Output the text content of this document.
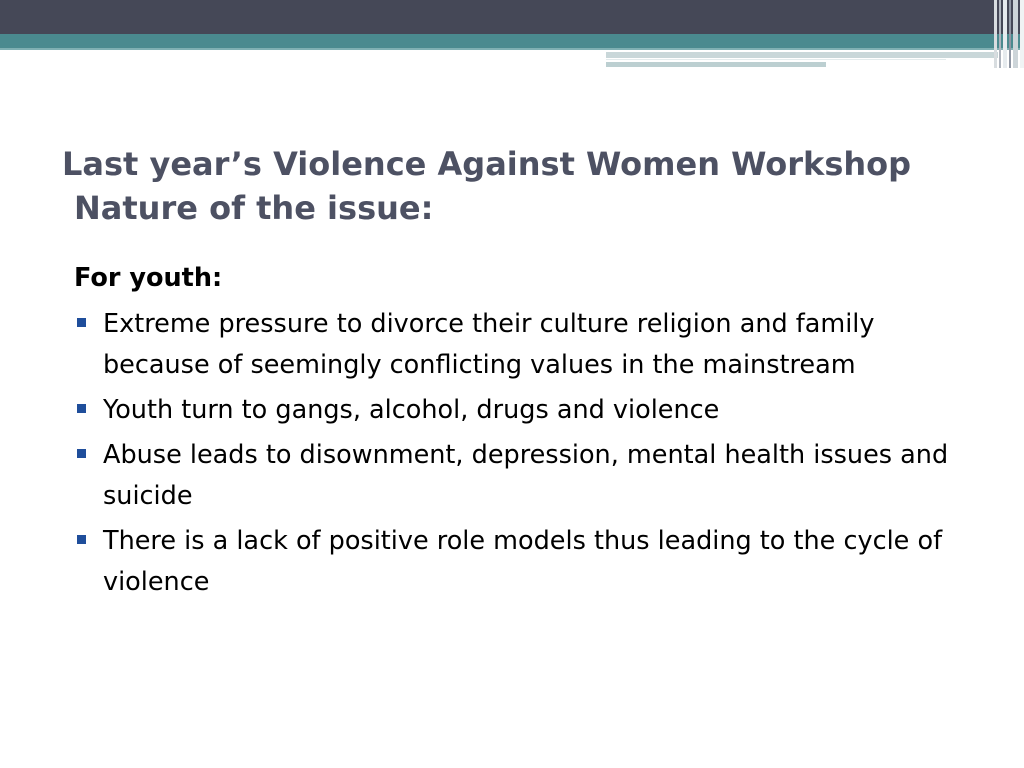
Last year’s Violence Against Women Workshop
Nature of the issue:
For youth:
Extreme pressure to divorce their culture religion and family because of seemingly conflicting values in the mainstream
Youth turn to gangs, alcohol, drugs and violence
Abuse leads to disownment, depression, mental health issues and suicide
There is a lack of positive role models thus leading to the cycle of violence
